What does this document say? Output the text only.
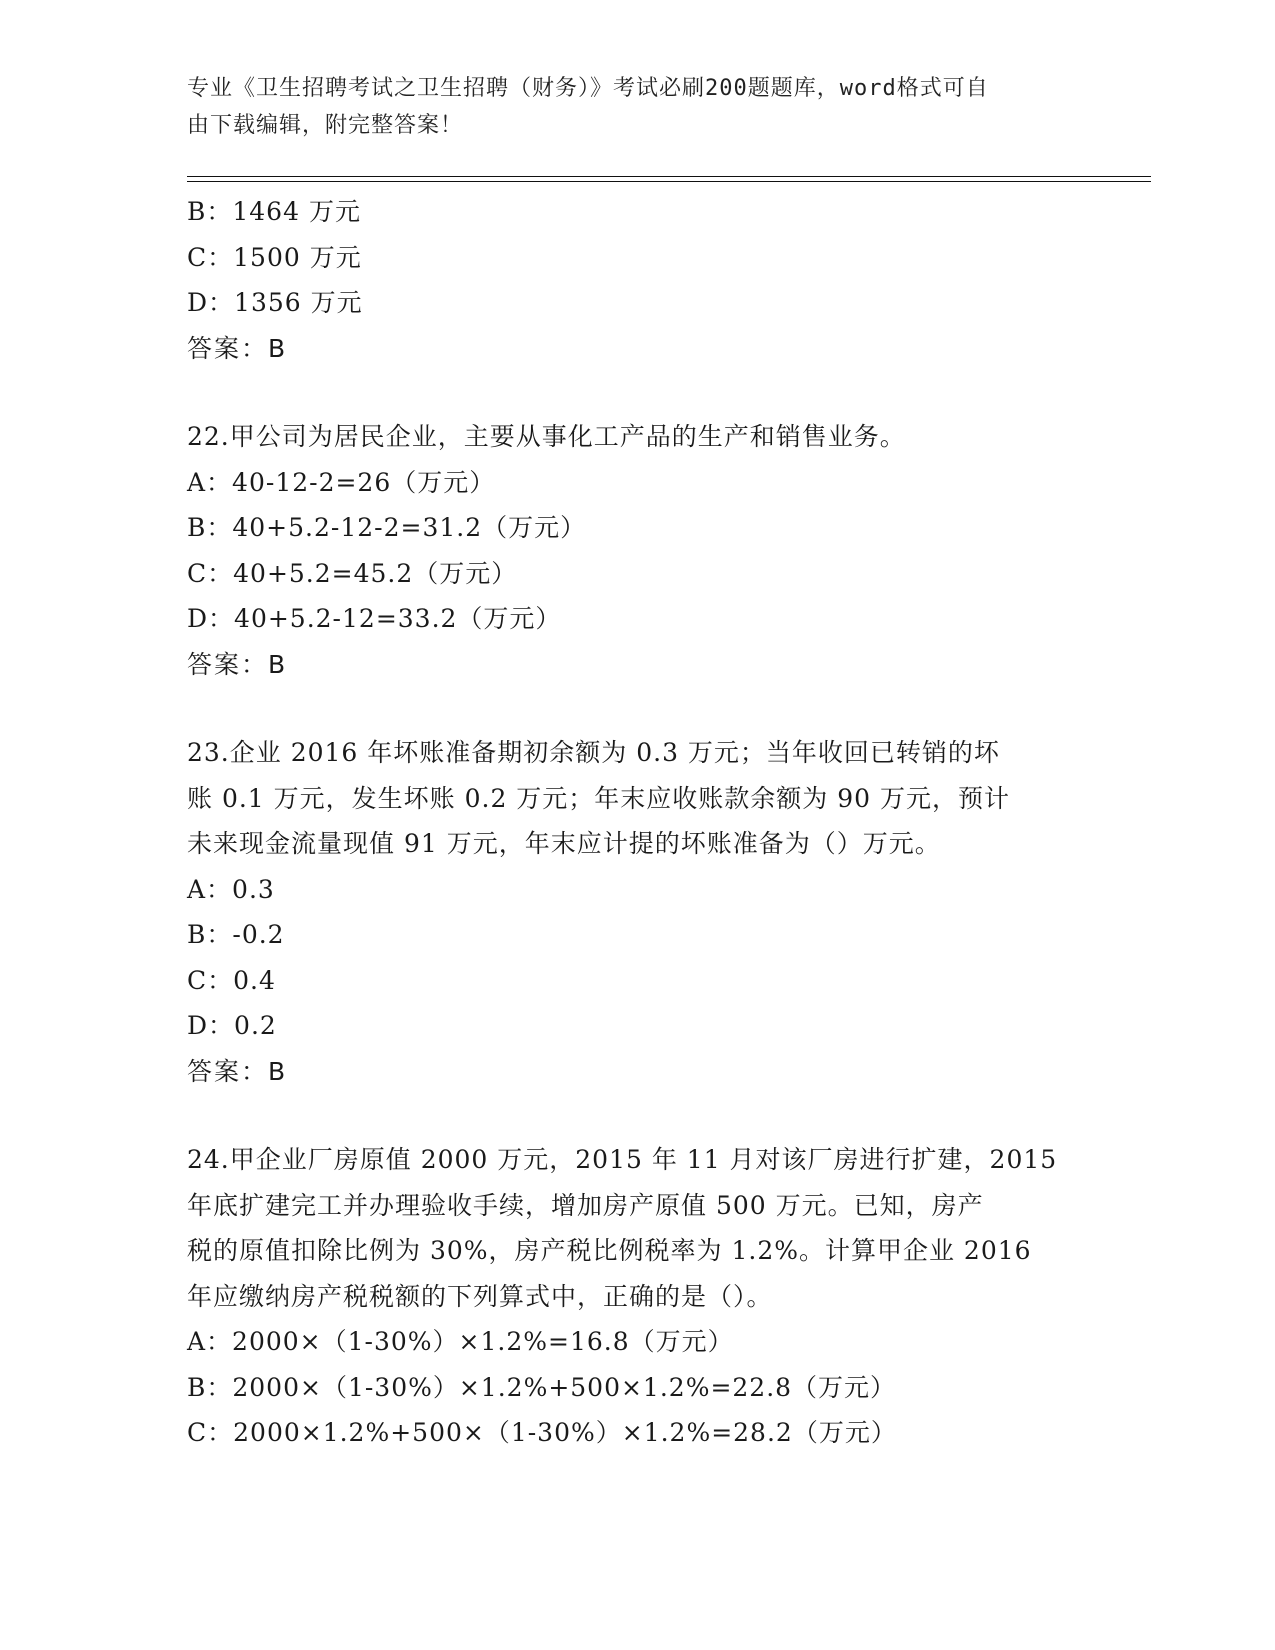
专业《卫生招聘考试之卫生招聘（财务）》考试必刷200题题库，word格式可自
由下载编辑，附完整答案！
B：1464 万元
C：1500 万元
D：1356 万元
答案：B
22.甲公司为居民企业，主要从事化工产品的生产和销售业务。
A：40-12-2=26（万元）
B：40+5.2-12-2=31.2（万元）
C：40+5.2=45.2（万元）
D：40+5.2-12=33.2（万元）
答案：B
23.企业 2016 年坏账准备期初余额为 0.3 万元；当年收回已转销的坏
账 0.1 万元，发生坏账 0.2 万元；年末应收账款余额为 90 万元，预计
未来现金流量现值 91 万元，年末应计提的坏账准备为（）万元。
A：0.3
B：-0.2
C：0.4
D：0.2
答案：B
24.甲企业厂房原值 2000 万元，2015 年 11 月对该厂房进行扩建，2015
年底扩建完工并办理验收手续，增加房产原值 500 万元。已知，房产
税的原值扣除比例为 30%，房产税比例税率为 1.2%。计算甲企业 2016
年应缴纳房产税税额的下列算式中，正确的是（）。
A：2000×（1-30%）×1.2%=16.8（万元）
B：2000×（1-30%）×1.2%+500×1.2%=22.8（万元）
C：2000×1.2%+500×（1-30%）×1.2%=28.2（万元）
